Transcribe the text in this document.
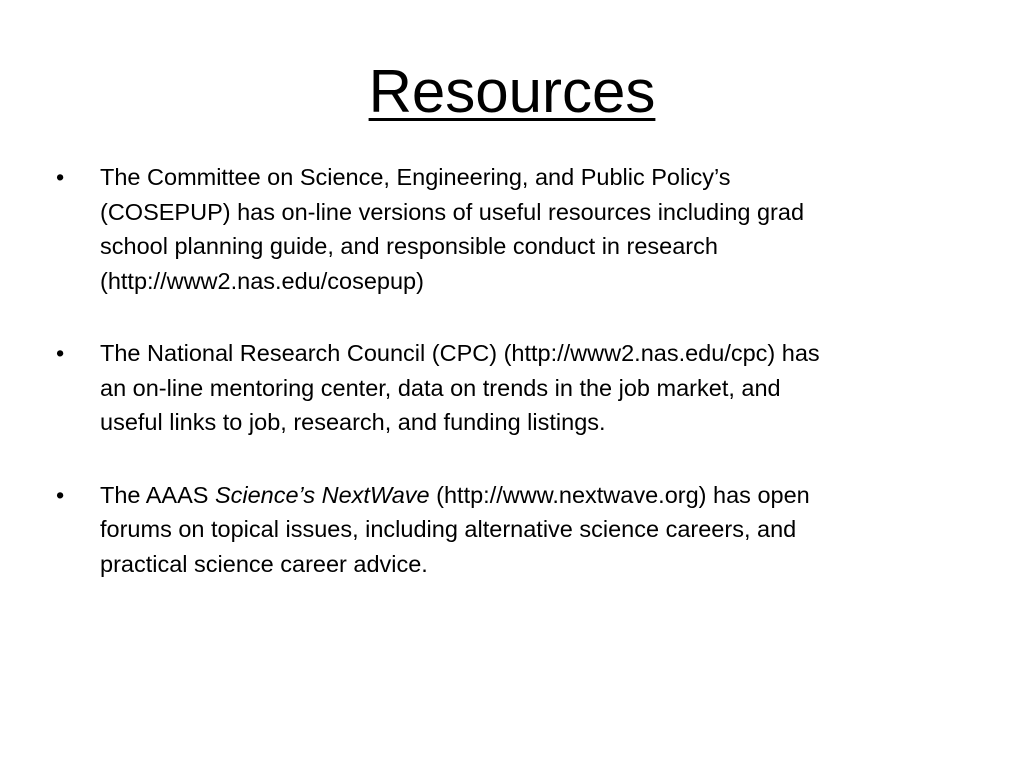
Resources
•	The Committee on Science, Engineering, and Public Policy’s
(COSEPUP) has on-line versions of useful resources including grad
school planning guide, and responsible conduct in research
(http://www2.nas.edu/cosepup)
•	The National Research Council (CPC) (http://www2.nas.edu/cpc) has
an on-line mentoring center, data on trends in the job market, and
useful links to job, research, and funding listings.
•	The AAAS Science’s NextWave (http://www.nextwave.org) has open
forums on topical issues, including alternative science careers, and
practical science career advice.
